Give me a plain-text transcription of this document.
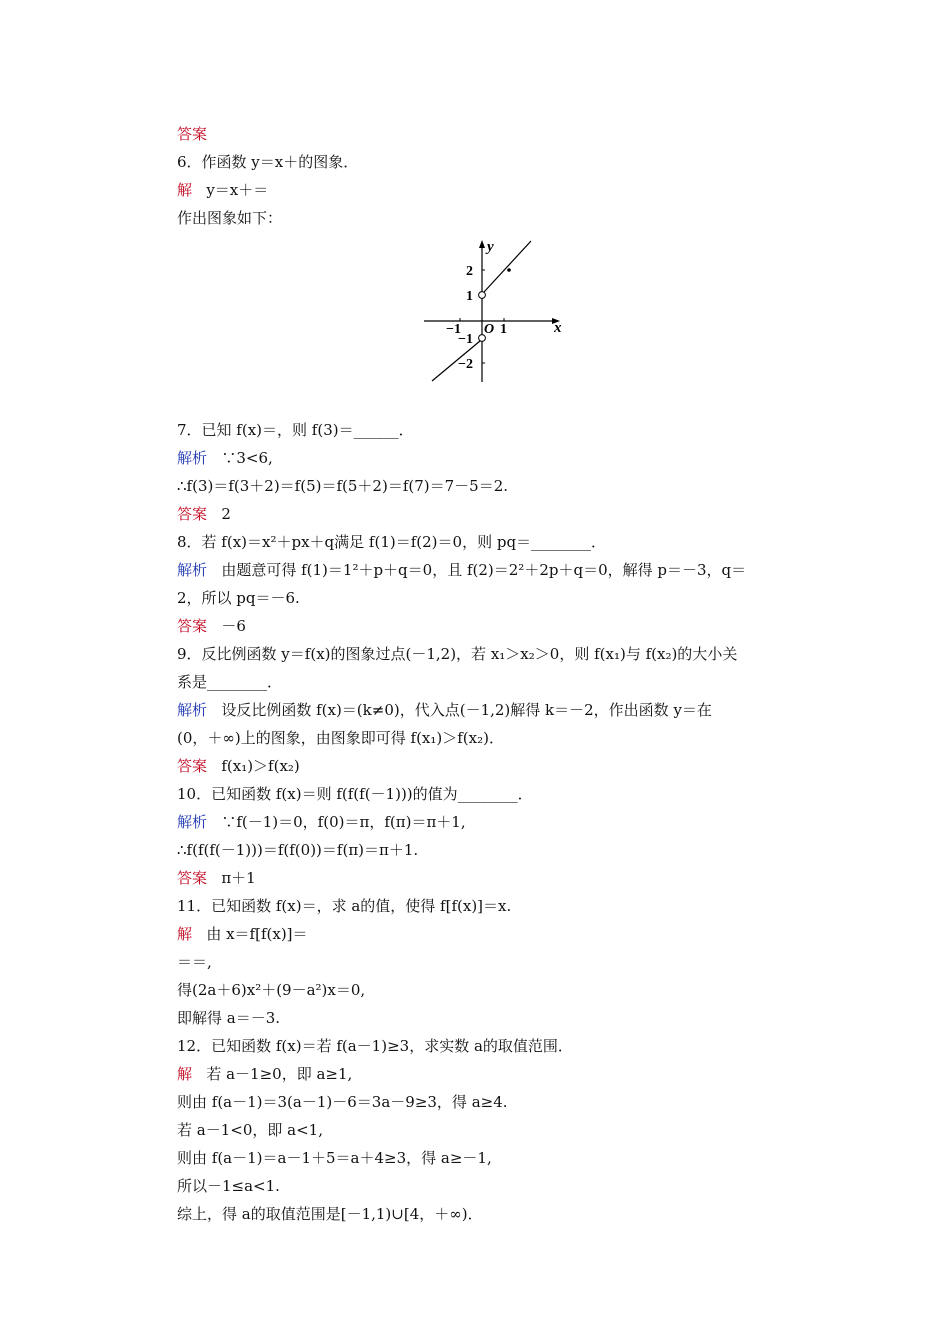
答案
6．作函数 y＝x＋的图象．
解 y＝x＋＝
作出图象如下：
x
y
O
−1	1
2
1
−1
−2
7．已知 f(x)＝，则 f(3)＝______．
解析 ∵3<6,
∴f(3)＝f(3＋2)＝f(5)＝f(5＋2)＝f(7)＝7－5＝2.
答案 2
8．若 f(x)＝x²＋px＋q满足 f(1)＝f(2)＝0，则 pq＝________．
解析 由题意可得 f(1)＝1²＋p＋q＝0，且 f(2)＝2²＋2p＋q＝0，解得 p＝－3，q＝
2，所以 pq＝－6.
答案 －6
9．反比例函数 y＝f(x)的图象过点(－1,2)，若 x₁＞x₂＞0，则 f(x₁)与 f(x₂)的大小关
系是________．
解析 设反比例函数 f(x)＝(k≠0)，代入点(－1,2)解得 k＝－2，作出函数 y＝在
(0，＋∞)上的图象，由图象即可得 f(x₁)＞f(x₂)．
答案 f(x₁)＞f(x₂)
10．已知函数 f(x)＝则 f(f(f(－1)))的值为________．
解析 ∵f(－1)＝0，f(0)＝π，f(π)＝π＋1,
∴f(f(f(－1)))＝f(f(0))＝f(π)＝π＋1.
答案 π＋1
11．已知函数 f(x)＝，求 a的值，使得 f[f(x)]＝x.
解 由 x＝f[f(x)]＝
＝＝,
得(2a＋6)x²＋(9－a²)x＝0,
即解得 a＝－3.
12．已知函数 f(x)＝若 f(a－1)≥3，求实数 a的取值范围．
解 若 a－1≥0，即 a≥1,
则由 f(a－1)＝3(a－1)－6＝3a－9≥3，得 a≥4.
若 a－1<0，即 a<1,
则由 f(a－1)＝a－1＋5＝a＋4≥3，得 a≥－1,
所以－1≤a<1.
综上，得 a的取值范围是[－1,1)∪[4，＋∞)．
